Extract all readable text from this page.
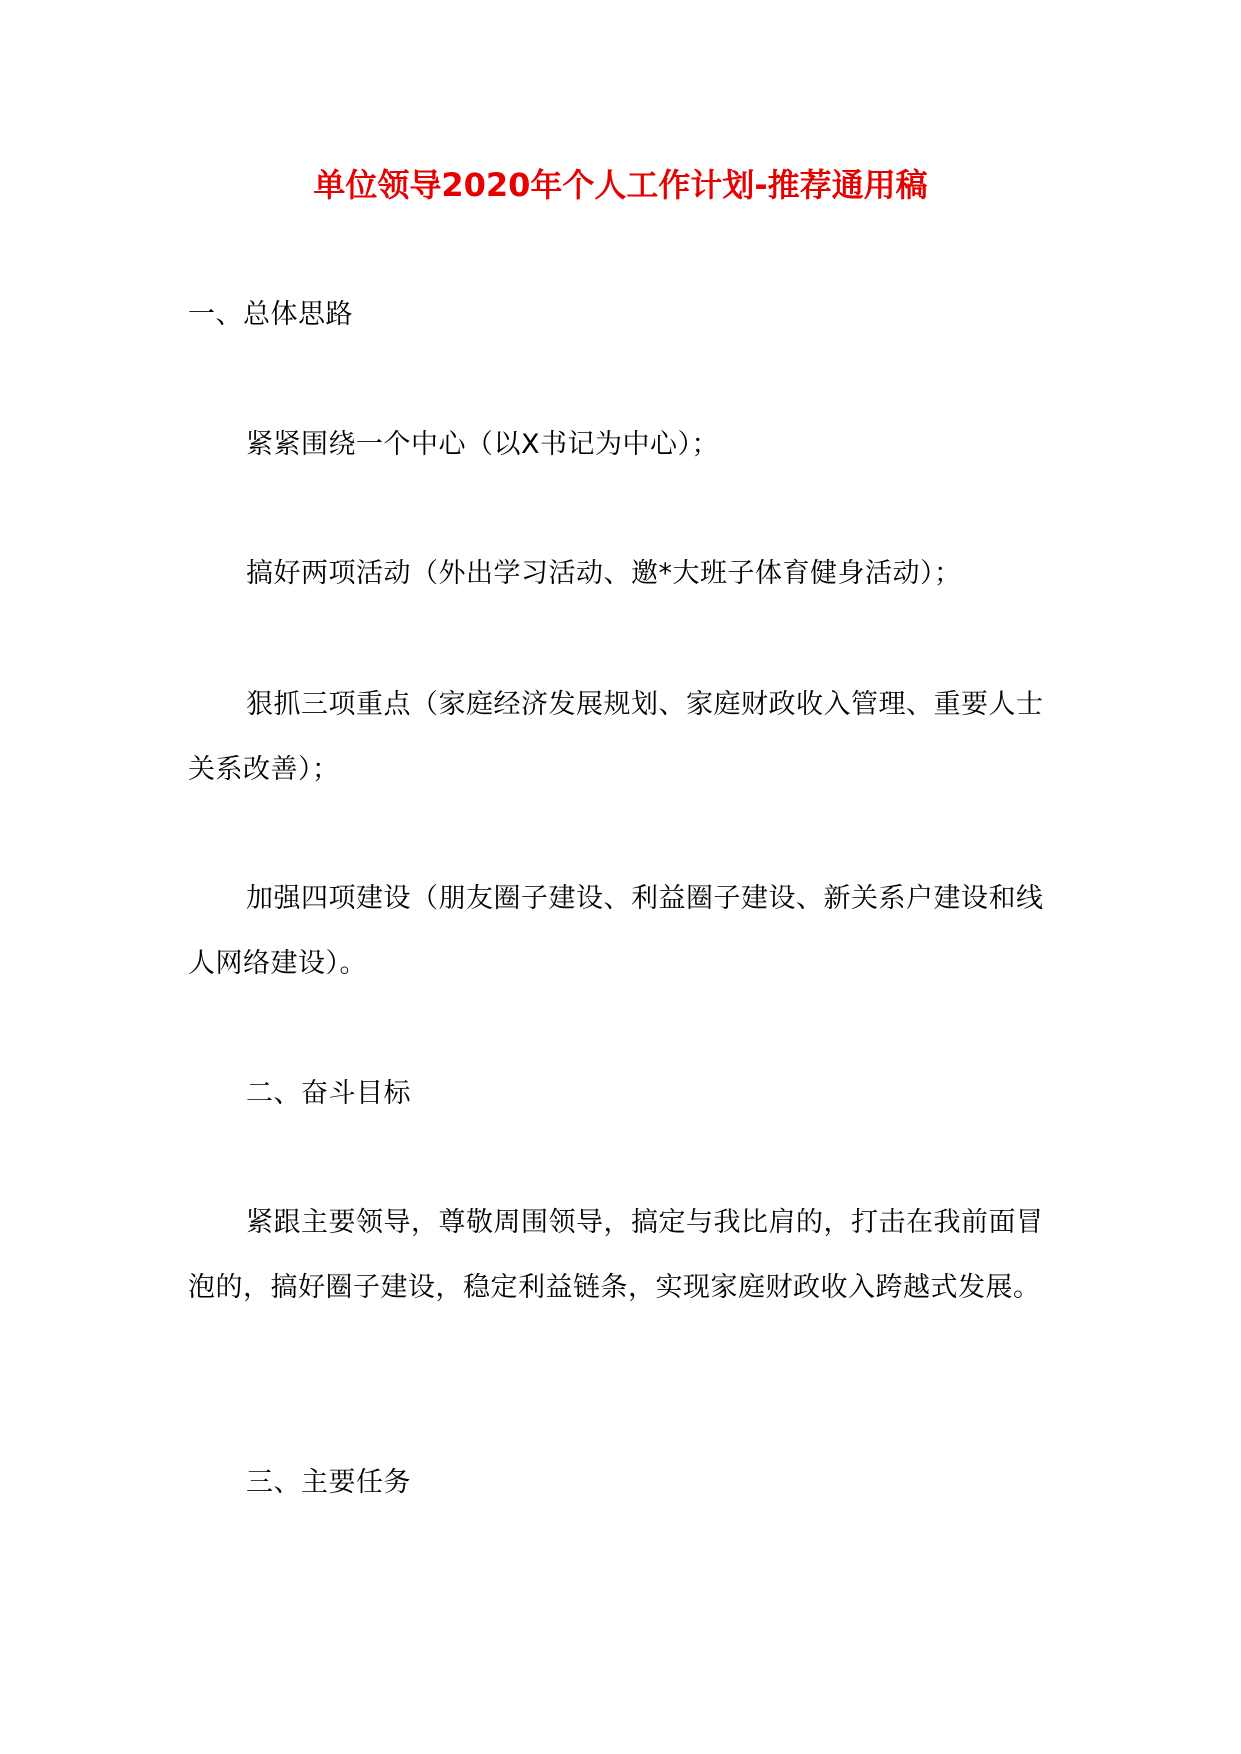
单位领导2020年个人工作计划-推荐通用稿
一、总体思路
紧紧围绕一个中心（以X书记为中心）；
搞好两项活动（外出学习活动、邀*大班子体育健身活动）；
狠抓三项重点（家庭经济发展规划、家庭财政收入管理、重要人士关系改善）；
加强四项建设（朋友圈子建设、利益圈子建设、新关系户建设和线人网络建设）。
二、奋斗目标
紧跟主要领导，尊敬周围领导，搞定与我比肩的，打击在我前面冒泡的，搞好圈子建设，稳定利益链条，实现家庭财政收入跨越式发展。
三、主要任务
